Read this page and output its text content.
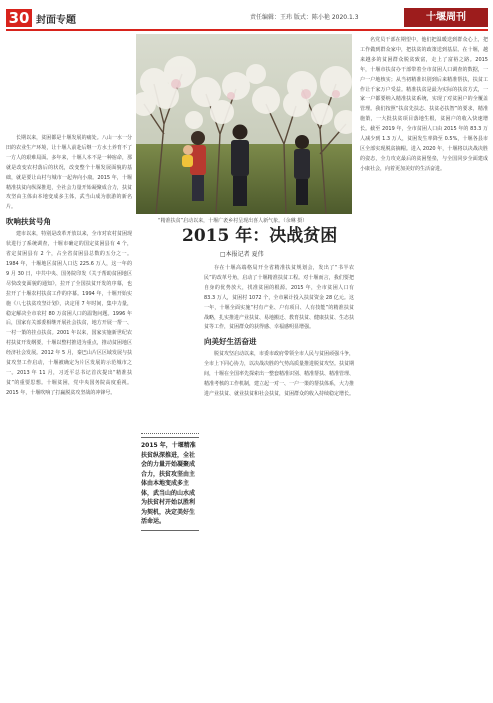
30 封面专题	责任编辑：王玮 版式：陈小艳 2020.1.3	十堰周刊
“精准扶贫”启动以来，十堰广袤乡村呈现出喜人新气象。（余琳 摄）
2015 年：决战贫困
□本报记者 夏伟

长期以来，贫困都是十堰发展的痛处。八山一水一分田的农业生产环境，让十堰人前赴后继一方水土养育不了一方人的艰难局面。多年来，十堰人本不是一种宿命，那就是改变农村落后的状况，改变整个十堰发展面貌的基础，就是要让山村与城市一起奔向小康。2015 年，十堰精准扶贫向纵深推进，全社会力量开始凝聚成合力，扶贫攻坚由主体由本地变成多主体，武当山成为旅游的新名片。

吹响扶贫号角

建市以来，特别是改革开放以来，全市对农村贫困现状进行了系统调查，十堰市确定的国定贫困县有 4 个，省定贫困县有 2 个，占全省贫困县总数的五分之一。1984 年，十堰地区贫困人口达 225.6 万人，这一年的 9 月 30 日，中共中央、国务院印发《关于帮助贫困地区尽快改变面貌的通知》，拉开了全国扶贫开发的序幕，也拉开了十堰农村扶贫工作的序幕。1994 年，十堰开始实施《八七扶贫攻坚计划》，决定用 7 年时间，集中力量，稳定解决全市农村 80 万贫困人口的温饱问题。1996 年后，国家有关部委相继开展社会扶贫，地方开展一帮一、一村一策的挂点扶贫。2001 年以来，国家实施新世纪农村扶贫开发纲要，十堰以整村推进为重点，推动贫困地区经济社会发展。2012 年 5 月，秦巴山片区区域发展与扶贫攻坚工作启动，十堰被确定为片区发展的示范城市之一。2013 年 11 月，习近平总书记首次提出“精准扶贫”的重要思想。十堰贫困，党中央国务院高度重视。2015 年，十堰吹响了打赢脱贫攻坚战的冲锋号。

2015 年，十堰精准扶贫纵深推进，全社会的力量开始凝聚成合力，扶贫攻坚由主体由本地变成多主体，武当山的山水成为扶贫村开始以胜利为契机，决定美好生活命运。

存在十堰高端格局开全省精准扶贫规划会，发出了“书半农民”的改革号角，启动了十堰精准扶贫工程。对十堰而言，我们要把自身的优势放大，找准贫困的根源。2015 年，全市贫困人口有 83.3 万人，贫困村 1072 个，全市累计投入扶贫资金 28 亿元。这一年，十堰全面实施“村有产业、户有项目、人有技能”的精准扶贫战略，扎实推进产业扶贫、易地搬迁、教育扶贫、健康扶贫、生态扶贫等工作，贫困群众的获得感、幸福感明显增强。

向美好生活奋进

脱贫攻坚启动以来，市委市政府带领全市人民与贫困顽强斗争，全市上下同心协力，以决战决胜的气势高质量推进脱贫攻坚。扶贫期间，十堰在全国率先探索出一整套精准识别、精准帮扶、精准管理、精准考核的工作机制，建立起一对一、一户一策的帮扶体系，大力推进产业扶贫、就业扶贫和社会扶贫，贫困群众的收入持续稳定增长。

名党员干部在期望中，他们把温暖送到群众心上，把工作做到群众家中，把扶贫的政策送到基层。在十堰，越来越多的贫困群众脱贫致富，走上了富裕之路。2015 年，十堰市扶贫办干部带着全市贫困人口调查的数据，一户一户地核实；从当初精准识别到后来精准帮扶，扶贫工作让千家万户受益。精准扶贫是最为实际的扶贫方式，一家一户都要纳入精准扶贫系统，实现了对贫困户的全覆盖管理。我们按照“扶贫先扶志、扶贫必扶智”的要求，精准施策，一大批扶贫项目落地生根，贫困户的收入快速增长。截至 2019 年，全市贫困人口由 2015 年的 83.3 万人减少到 1.3 万人，贫困发生率降至 0.5%，十堰各县市区全部实现脱贫摘帽。进入 2020 年，十堰将以决战决胜的姿态，全力攻克最后的贫困堡垒，与全国同步全面建成小康社会，向着更加美好的生活奋进。
